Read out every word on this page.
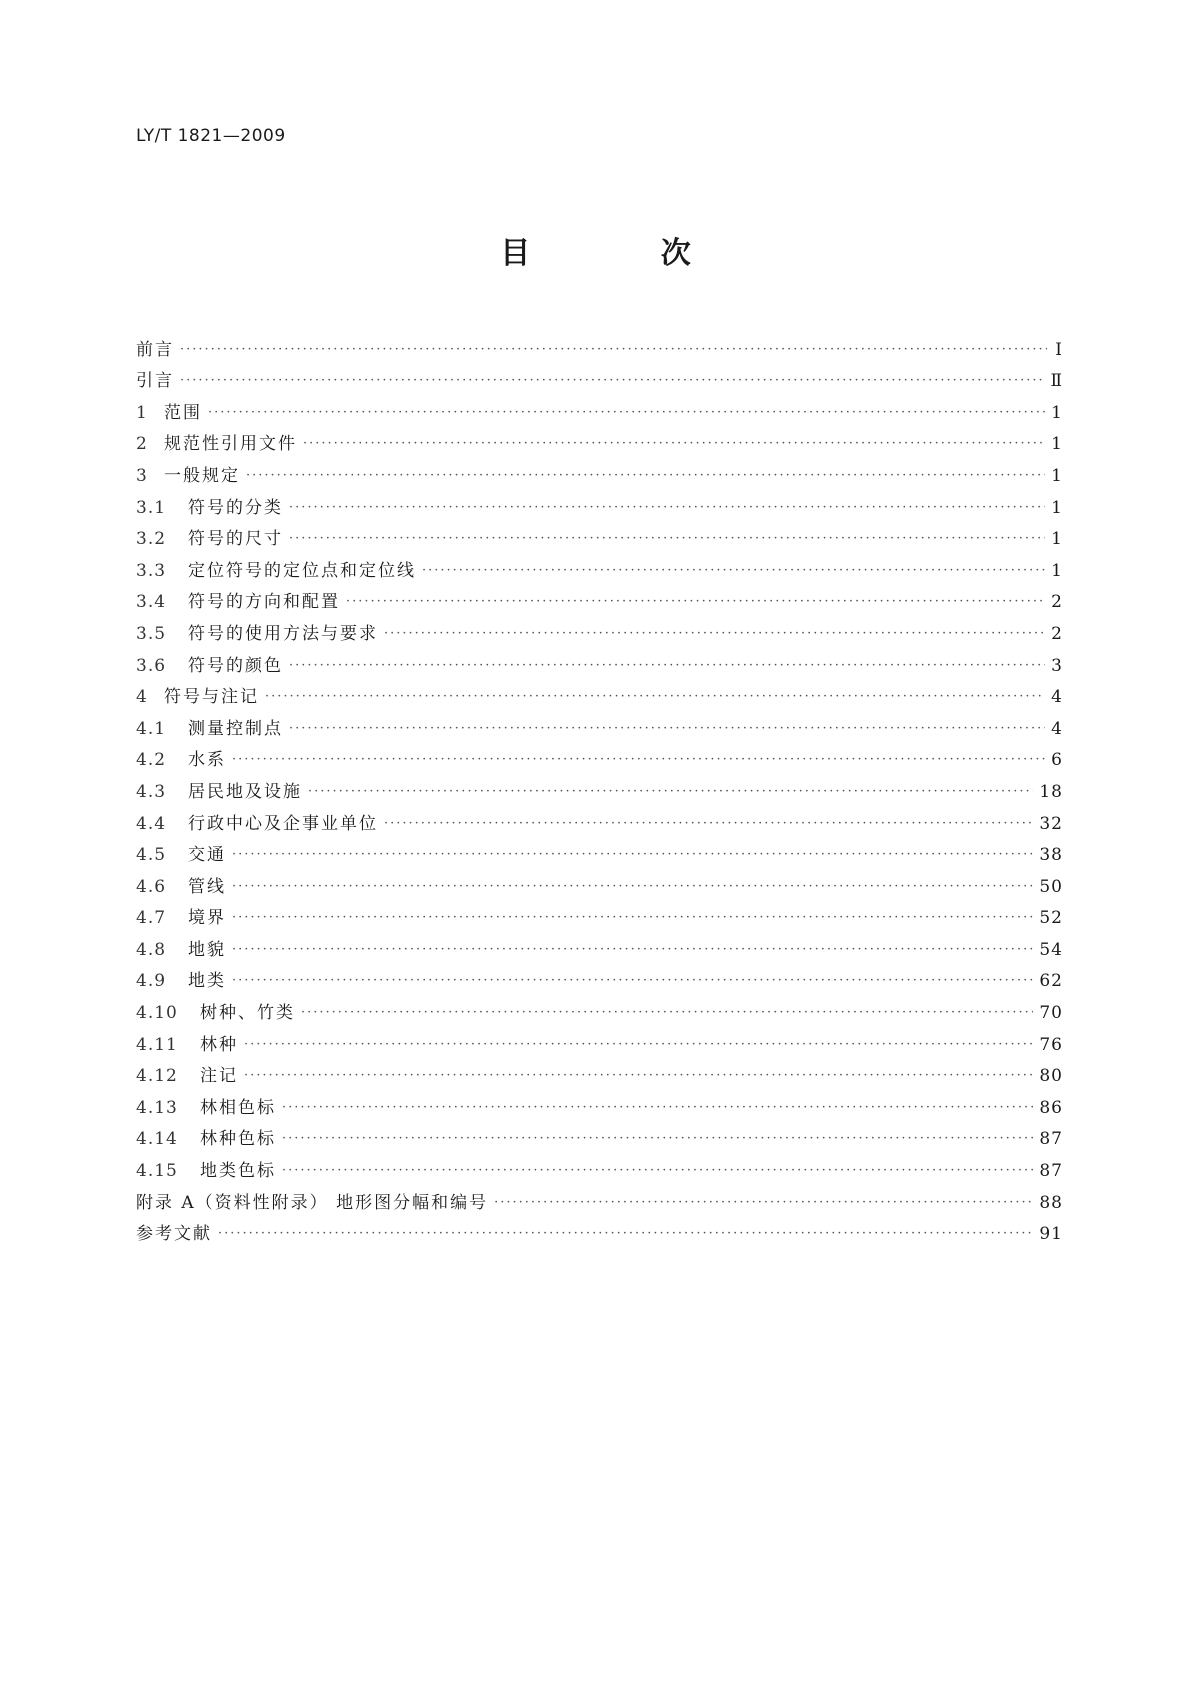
LY/T 1821—2009
目 次
前言 ·····	Ⅰ
引言 ·····	Ⅱ
1 范围 ·····	1
2 规范性引用文件 ·····	1
3 一般规定 ·····	1
3.1	符号的分类 ·····	1
3.2	符号的尺寸 ·····	1
3.3	定位符号的定位点和定位线 ·····	1
3.4	符号的方向和配置 ·····	2
3.5	符号的使用方法与要求 ·····	2
3.6	符号的颜色 ·····	3
4 符号与注记 ·····	4
4.1	测量控制点 ·····	4
4.2	水系 ·····	6
4.3	居民地及设施 ·····	18
4.4	行政中心及企事业单位 ·····	32
4.5	交通 ·····	38
4.6	管线 ·····	50
4.7	境界 ·····	52
4.8	地貌 ·····	54
4.9	地类 ·····	62
4.10	树种、竹类 ·····	70
4.11	林种 ·····	76
4.12	注记 ·····	80
4.13	林相色标 ·····	86
4.14	林种色标 ·····	87
4.15	地类色标 ·····	87
附录 A（资料性附录） 地形图分幅和编号 ·····	88
参考文献 ·····	91
